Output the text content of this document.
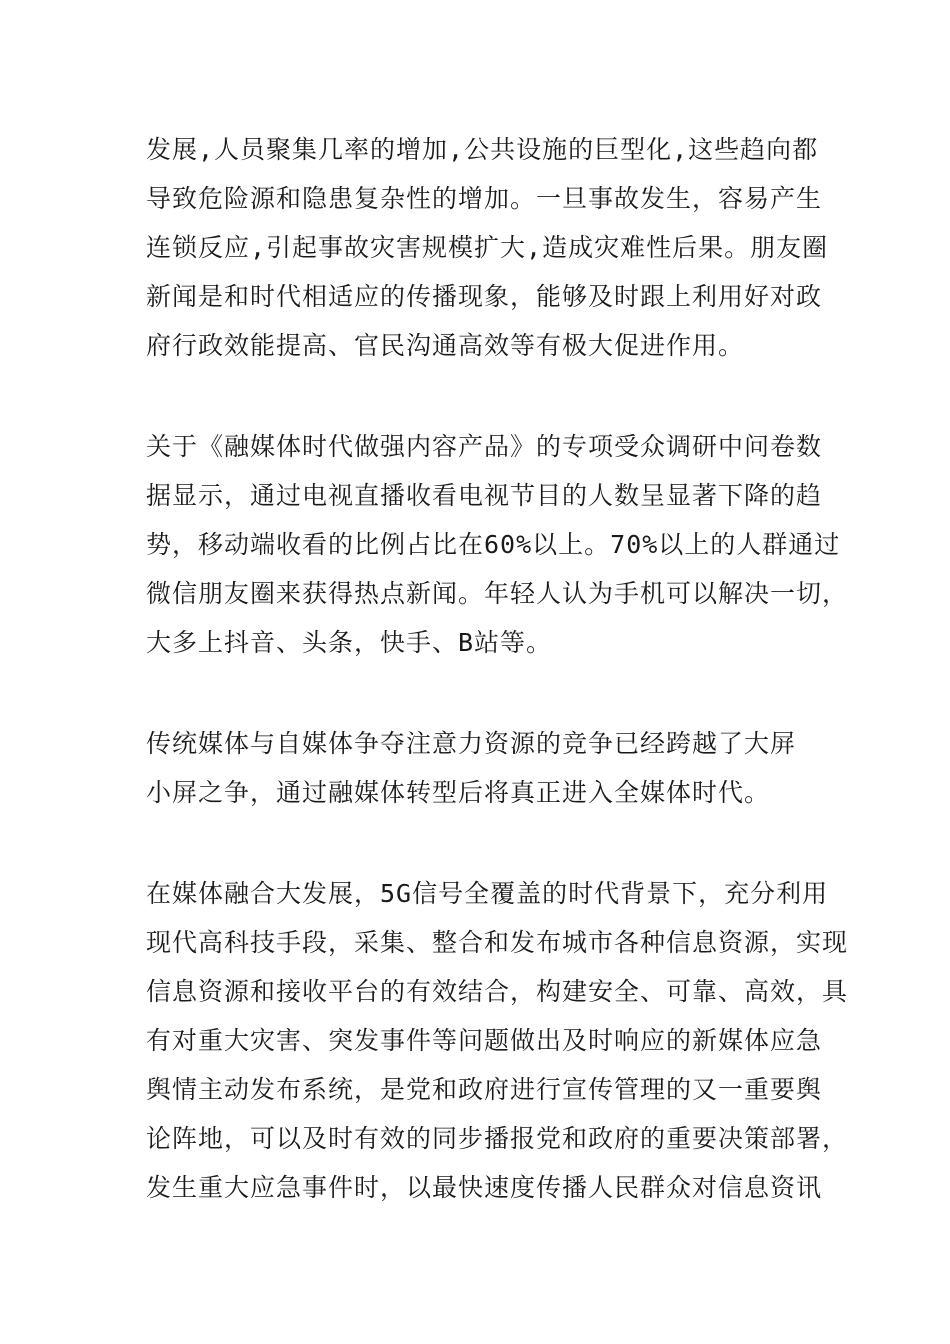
发展,人员聚集几率的增加,公共设施的巨型化,这些趋向都
导致危险源和隐患复杂性的增加。一旦事故发生，容易产生
连锁反应,引起事故灾害规模扩大,造成灾难性后果。朋友圈
新闻是和时代相适应的传播现象，能够及时跟上利用好对政
府行政效能提高、官民沟通高效等有极大促进作用。

关于《融媒体时代做强内容产品》的专项受众调研中问卷数
据显示，通过电视直播收看电视节目的人数呈显著下降的趋
势，移动端收看的比例占比在60%以上。70%以上的人群通过
微信朋友圈来获得热点新闻。年轻人认为手机可以解决一切，
大多上抖音、头条，快手、B站等。

传统媒体与自媒体争夺注意力资源的竞争已经跨越了大屏
小屏之争，通过融媒体转型后将真正进入全媒体时代。

在媒体融合大发展，5G信号全覆盖的时代背景下，充分利用
现代高科技手段，采集、整合和发布城市各种信息资源，实现
信息资源和接收平台的有效结合，构建安全、可靠、高效，具
有对重大灾害、突发事件等问题做出及时响应的新媒体应急
舆情主动发布系统，是党和政府进行宣传管理的又一重要舆
论阵地，可以及时有效的同步播报党和政府的重要决策部署，
发生重大应急事件时，以最快速度传播人民群众对信息资讯
